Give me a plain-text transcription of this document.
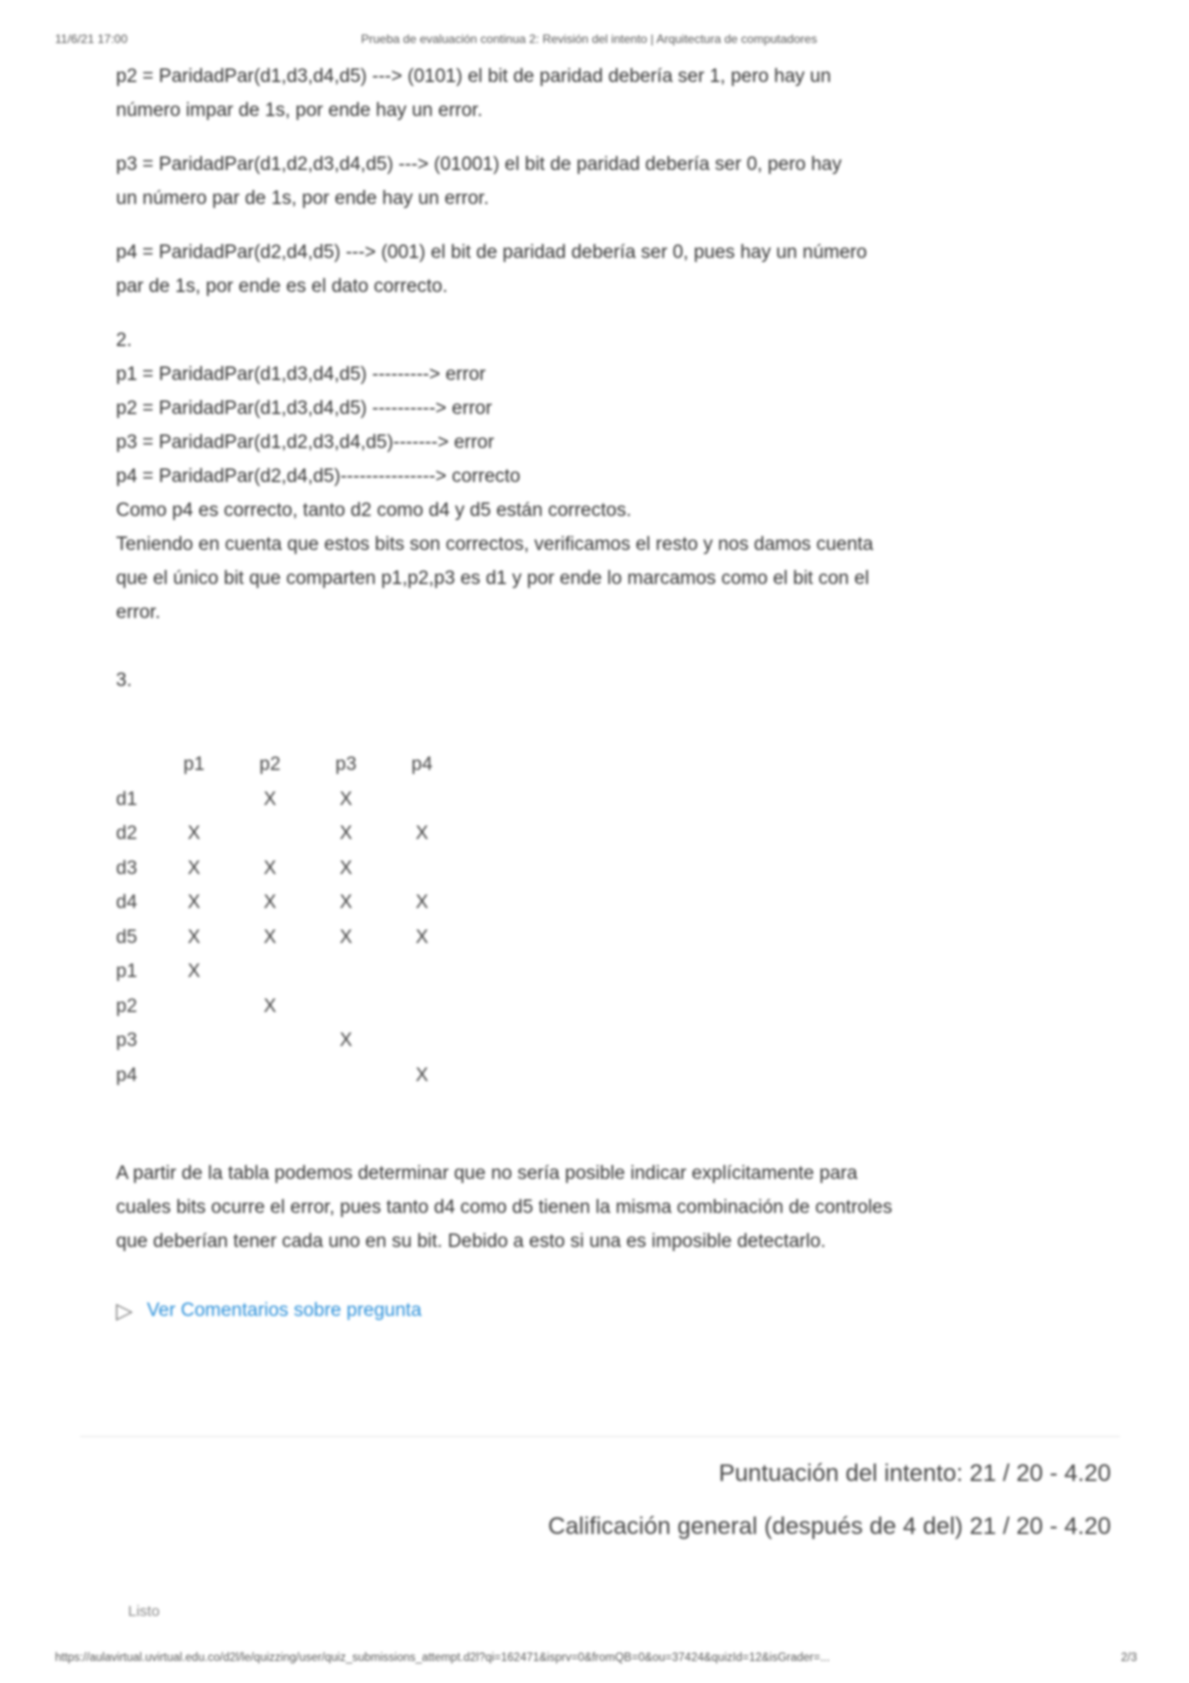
11/6/21 17:00	Prueba de evaluación continua 2: Revisión del intento | Arquitectura de computadores

p2 = ParidadPar(d1,d3,d4,d5) ---> (0101) el bit de paridad debería ser 1, pero hay un
número impar de 1s, por ende hay un error.

p3 = ParidadPar(d1,d2,d3,d4,d5) ---> (01001) el bit de paridad debería ser 0, pero hay
un número par de 1s, por ende hay un error.

p4 = ParidadPar(d2,d4,d5) ---> (001) el bit de paridad debería ser 0, pues hay un número
par de 1s, por ende es el dato correcto.

2.

p1 = ParidadPar(d1,d3,d4,d5) ---------> error
p2 = ParidadPar(d1,d3,d4,d5) ----------> error
p3 = ParidadPar(d1,d2,d3,d4,d5)-------> error
p4 = ParidadPar(d2,d4,d5)---------------> correcto
Como p4 es correcto, tanto d2 como d4 y d5 están correctos.
Teniendo en cuenta que estos bits son correctos, verificamos el resto y nos damos cuenta
que el único bit que comparten p1,p2,p3 es d1 y por ende lo marcamos como el bit con el
error.

3.

	p1	p2	p3	p4
d1		X	X	
d2	X		X	X
d3	X	X	X	
d4	X	X	X	X
d5	X	X	X	X
p1	X			
p2		X		
p3			X	
p4				X
A partir de la tabla podemos determinar que no sería posible indicar explícitamente para
cuales bits ocurre el error, pues tanto d4 como d5 tienen la misma combinación de controles
que deberían tener cada uno en su bit. Debido a esto si una es imposible detectarlo.
▷ Ver Comentarios sobre pregunta
Puntuación del intento: 21 / 20 - 4.20
Calificación general (después de 4 del) 21 / 20 - 4.20
Listo
https://aulavirtual.uvirtual.edu.co/d2l/le/quizzing/user/quiz_submissions_attempt.d2l?qi=162471&isprv=0&fromQB=0&ou=37424&quizId=12&isGrader=...	2/3
